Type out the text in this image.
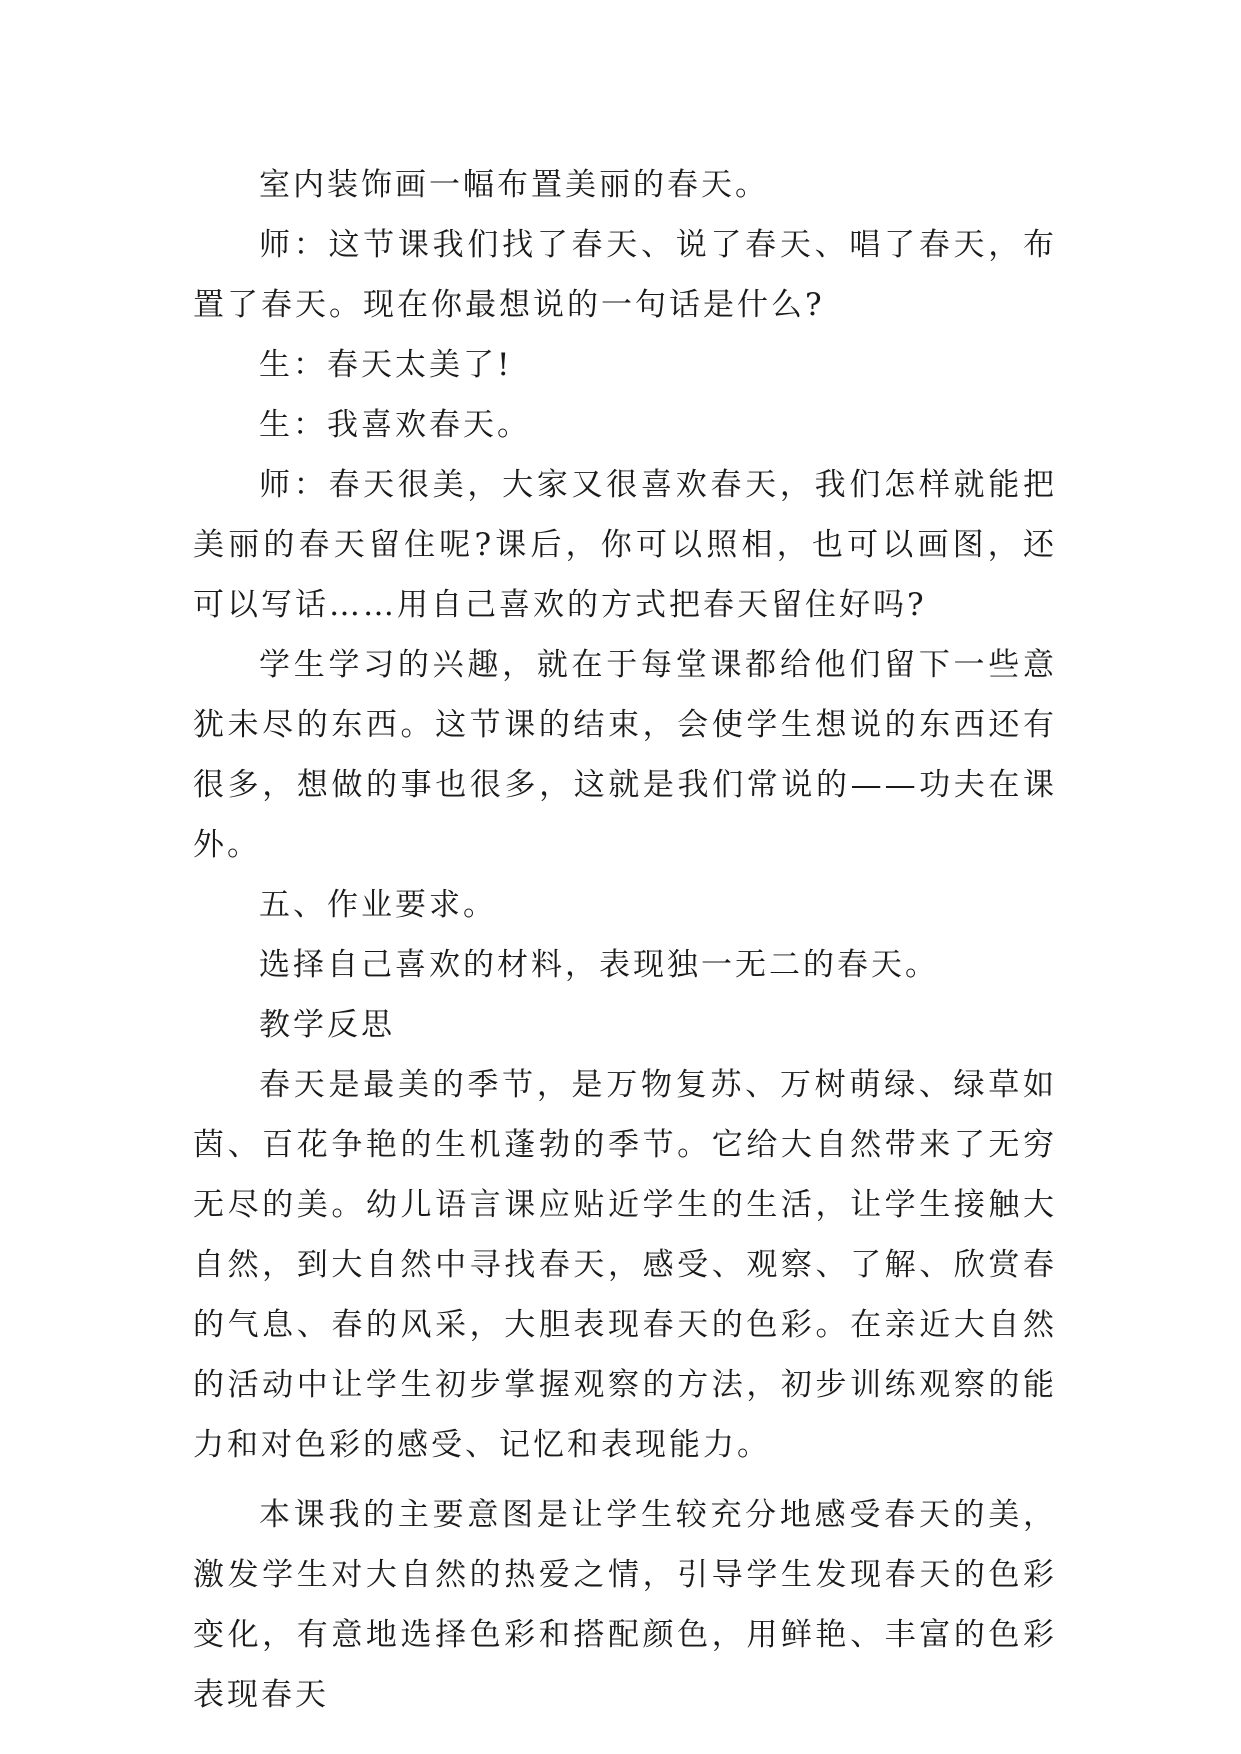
室内装饰画一幅布置美丽的春天。

师：这节课我们找了春天、说了春天、唱了春天，布置了春天。现在你最想说的一句话是什么?

生：春天太美了!

生：我喜欢春天。

师：春天很美，大家又很喜欢春天，我们怎样就能把美丽的春天留住呢?课后，你可以照相，也可以画图，还可以写话……用自己喜欢的方式把春天留住好吗?

学生学习的兴趣，就在于每堂课都给他们留下一些意犹未尽的东西。这节课的结束，会使学生想说的东西还有很多，想做的事也很多，这就是我们常说的——功夫在课外。

五、作业要求。

选择自己喜欢的材料，表现独一无二的春天。

教学反思

春天是最美的季节，是万物复苏、万树萌绿、绿草如茵、百花争艳的生机蓬勃的季节。它给大自然带来了无穷无尽的美。幼儿语言课应贴近学生的生活，让学生接触大自然，到大自然中寻找春天，感受、观察、了解、欣赏春的气息、春的风采，大胆表现春天的色彩。在亲近大自然的活动中让学生初步掌握观察的方法，初步训练观察的能力和对色彩的感受、记忆和表现能力。

本课我的主要意图是让学生较充分地感受春天的美，激发学生对大自然的热爱之情，引导学生发现春天的色彩变化，有意地选择色彩和搭配颜色，用鲜艳、丰富的色彩表现春天
